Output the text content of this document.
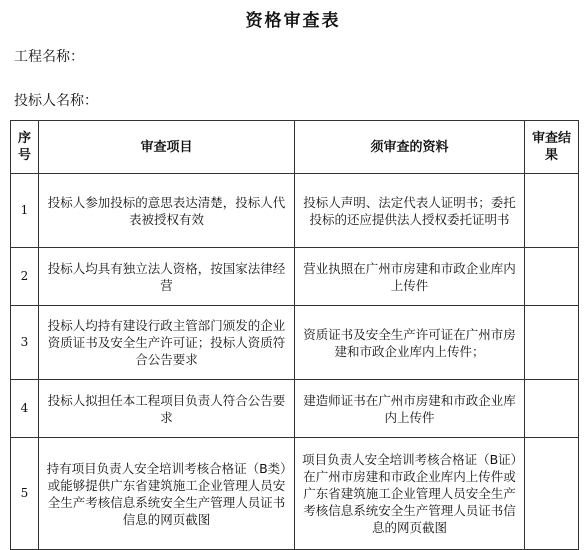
资格审查表
工程名称：
投标人名称：
序号	审查项目	须审查的资料	审查结果
1	投标人参加投标的意思表达清楚，投标人代表被授权有效	投标人声明、法定代表人证明书；委托投标的还应提供法人授权委托证明书	
2	投标人均具有独立法人资格，按国家法律经营	营业执照在广州市房建和市政企业库内上传件	
3	投标人均持有建设行政主管部门颁发的企业资质证书及安全生产许可证；投标人资质符合公告要求	资质证书及安全生产许可证在广州市房建和市政企业库内上传件；	
4	投标人拟担任本工程项目负责人符合公告要求	建造师证书在广州市房建和市政企业库内上传件	
5	持有项目负责人安全培训考核合格证（B类）或能够提供广东省建筑施工企业管理人员安全生产考核信息系统安全生产管理人员证书信息的网页截图	项目负责人安全培训考核合格证（B证）在广州市房建和市政企业库内上传件或广东省建筑施工企业管理人员安全生产考核信息系统安全生产管理人员证书信息的网页截图	
